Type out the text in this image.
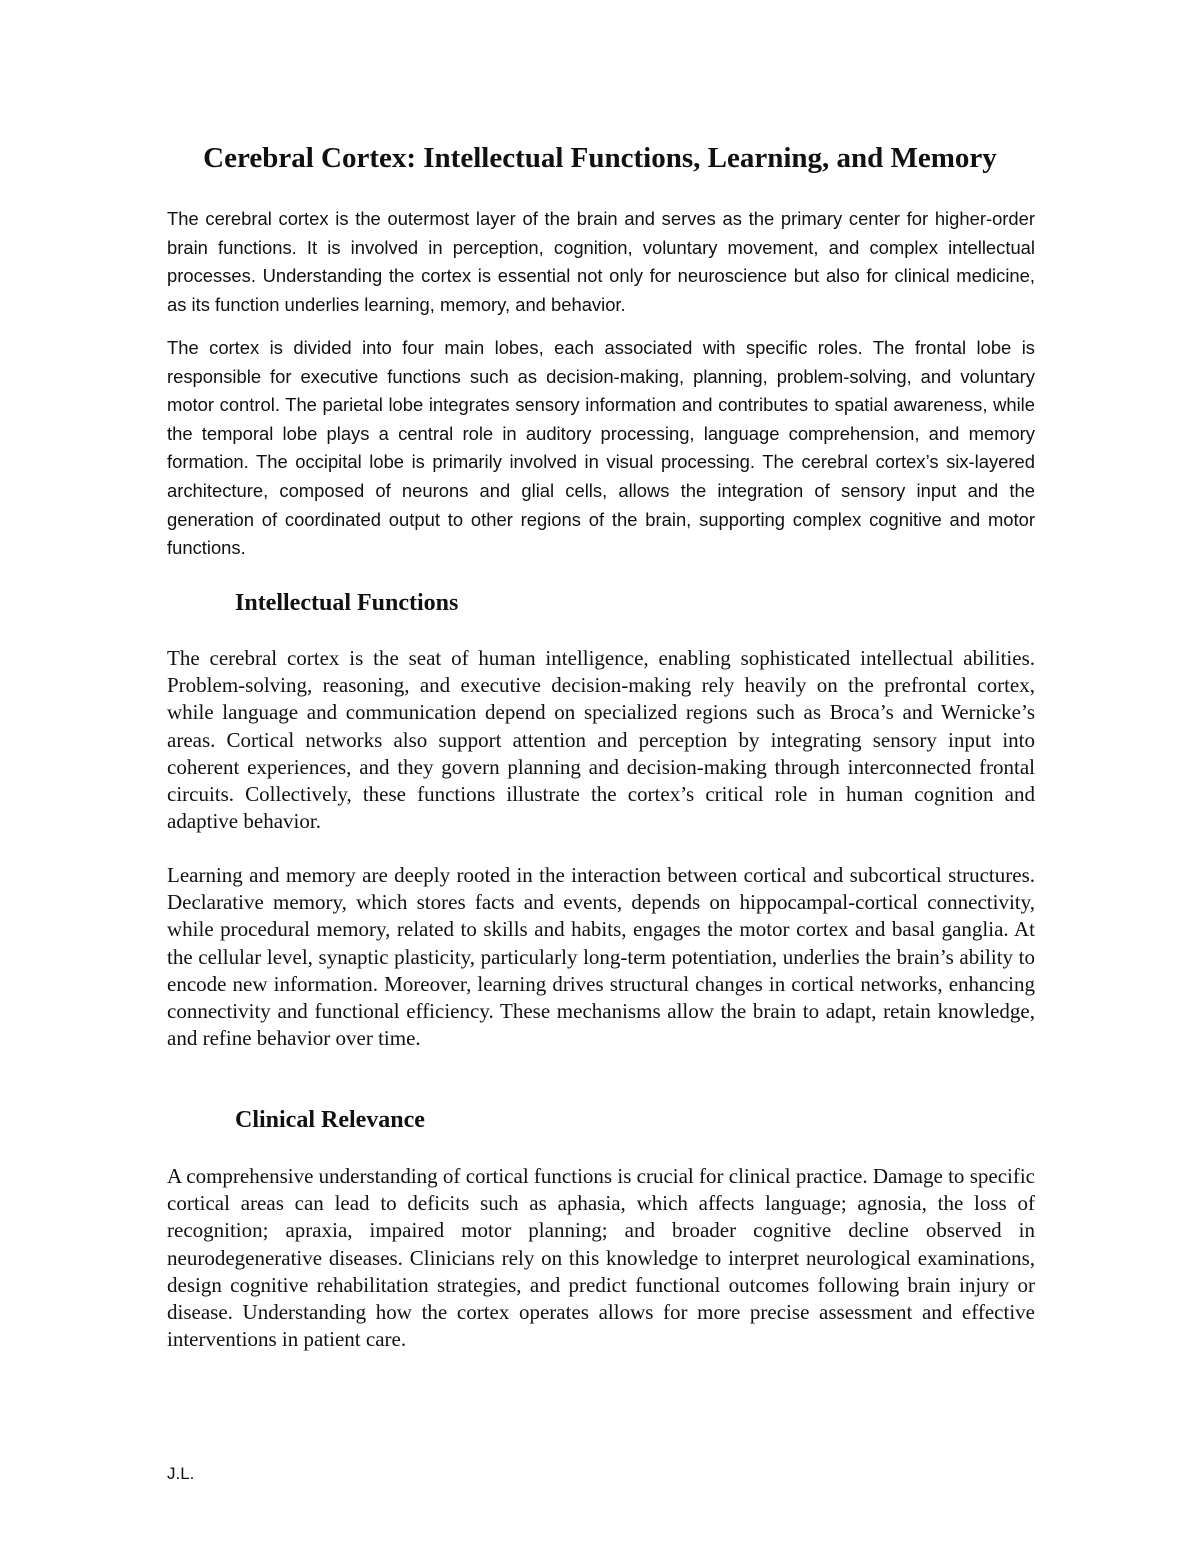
Cerebral Cortex: Intellectual Functions, Learning, and Memory

The cerebral cortex is the outermost layer of the brain and serves as the primary center for higher-order brain functions. It is involved in perception, cognition, voluntary movement, and complex intellectual processes. Understanding the cortex is essential not only for neuroscience but also for clinical medicine, as its function underlies learning, memory, and behavior.

The cortex is divided into four main lobes, each associated with specific roles. The frontal lobe is responsible for executive functions such as decision-making, planning, problem-solving, and voluntary motor control. The parietal lobe integrates sensory information and contributes to spatial awareness, while the temporal lobe plays a central role in auditory processing, language comprehension, and memory formation. The occipital lobe is primarily involved in visual processing. The cerebral cortex’s six-layered architecture, composed of neurons and glial cells, allows the integration of sensory input and the generation of coordinated output to other regions of the brain, supporting complex cognitive and motor functions.

Intellectual Functions

The cerebral cortex is the seat of human intelligence, enabling sophisticated intellectual abilities. Problem-solving, reasoning, and executive decision-making rely heavily on the prefrontal cortex, while language and communication depend on specialized regions such as Broca’s and Wernicke’s areas. Cortical networks also support attention and perception by integrating sensory input into coherent experiences, and they govern planning and decision-making through interconnected frontal circuits. Collectively, these functions illustrate the cortex’s critical role in human cognition and adaptive behavior.

Learning and memory are deeply rooted in the interaction between cortical and subcortical structures. Declarative memory, which stores facts and events, depends on hippocampal-cortical connectivity, while procedural memory, related to skills and habits, engages the motor cortex and basal ganglia. At the cellular level, synaptic plasticity, particularly long-term potentiation, underlies the brain’s ability to encode new information. Moreover, learning drives structural changes in cortical networks, enhancing connectivity and functional efficiency. These mechanisms allow the brain to adapt, retain knowledge, and refine behavior over time.

Clinical Relevance

A comprehensive understanding of cortical functions is crucial for clinical practice. Damage to specific cortical areas can lead to deficits such as aphasia, which affects language; agnosia, the loss of recognition; apraxia, impaired motor planning; and broader cognitive decline observed in neurodegenerative diseases. Clinicians rely on this knowledge to interpret neurological examinations, design cognitive rehabilitation strategies, and predict functional outcomes following brain injury or disease. Understanding how the cortex operates allows for more precise assessment and effective interventions in patient care.

J.L.
